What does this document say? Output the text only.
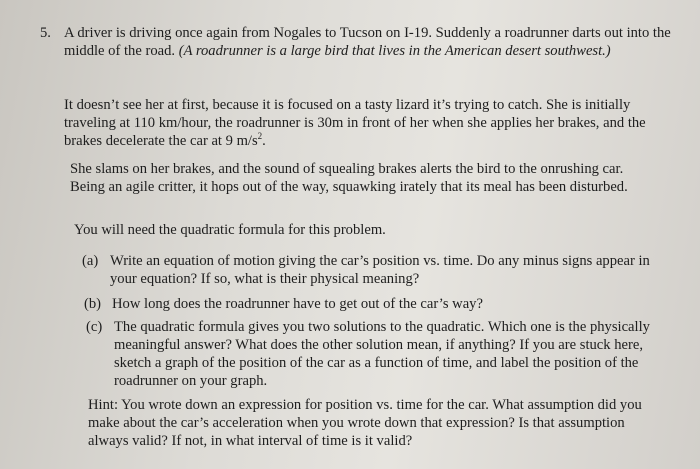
5. A driver is driving once again from Nogales to Tucson on I-19. Suddenly a roadrunner darts out into the middle of the road. (A roadrunner is a large bird that lives in the American desert southwest.)

It doesn’t see her at first, because it is focused on a tasty lizard it’s trying to catch. She is initially traveling at 110 km/hour, the roadrunner is 30m in front of her when she applies her brakes, and the brakes decelerate the car at 9 $m/s^2$.
She slams on her brakes, and the sound of squealing brakes alerts the bird to the onrushing car. Being an agile critter, it hops out of the way, squawking irately that its meal has been disturbed.
You will need the quadratic formula for this problem.
(a) Write an equation of motion giving the car’s position vs. time. Do any minus signs appear in your equation? If so, what is their physical meaning?
(b) How long does the roadrunner have to get out of the car’s way?
(c) The quadratic formula gives you two solutions to the quadratic. Which one is the physically meaningful answer? What does the other solution mean, if anything? If you are stuck here, sketch a graph of the position of the car as a function of time, and label the position of the roadrunner on your graph.
Hint: You wrote down an expression for position vs. time for the car. What assumption did you make about the car’s acceleration when you wrote down that expression? Is that assumption always valid? If not, in what interval of time is it valid?
